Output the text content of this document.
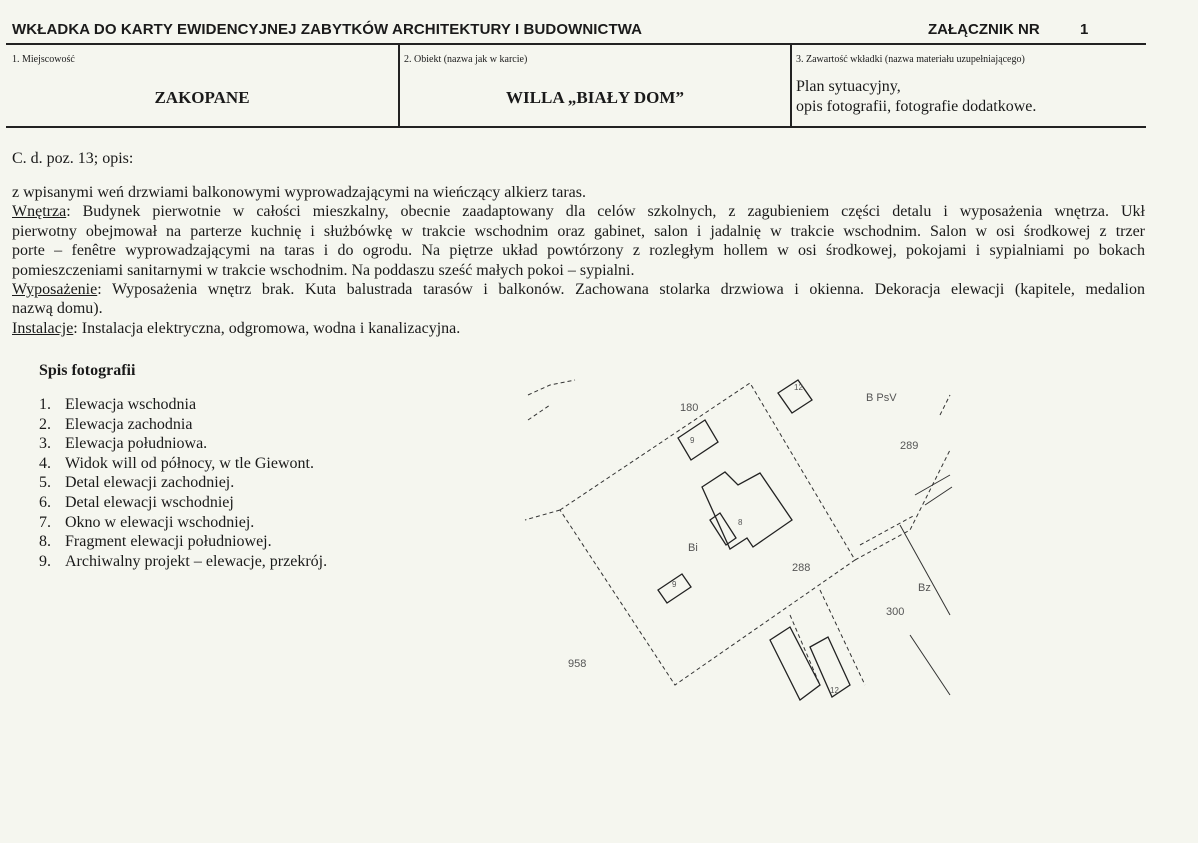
WKŁADKA DO KARTY EWIDENCYJNEJ ZABYTKÓW ARCHITEKTURY I BUDOWNICTWA	ZAŁĄCZNIK NR	1
1. Miejscowość
ZAKOPANE
2. Obiekt (nazwa jak w karcie)
WILLA „BIAŁY DOM”
3. Zawartość wkładki (nazwa materiału uzupełniającego)
Plan sytuacyjny,
opis fotografii, fotografie dodatkowe.
C. d. poz. 13; opis:
z wpisanymi weń drzwiami balkonowymi wyprowadzającymi na wieńczący alkierz taras.
Wnętrza: Budynek pierwotnie w całości mieszkalny, obecnie zaadaptowany dla celów szkolnych, z zagubieniem części detalu i wyposażenia wnętrza. Ukł
pierwotny obejmował na parterze kuchnię i służbówkę w trakcie wschodnim oraz gabinet, salon i jadalnię w trakcie wschodnim. Salon w osi środkowej z trzer
porte – fenêtre wyprowadzającymi na taras i do ogrodu. Na piętrze układ powtórzony z rozległym hollem w osi środkowej, pokojami i sypialniami po bokach
pomieszczeniami sanitarnymi w trakcie wschodnim. Na poddaszu sześć małych pokoi – sypialni.
Wyposażenie: Wyposażenia wnętrz brak. Kuta balustrada tarasów i balkonów. Zachowana stolarka drzwiowa i okienna. Dekoracja elewacji (kapitele, medalion
nazwą domu).
Instalacje: Instalacja elektryczna, odgromowa, wodna i kanalizacyjna.
Spis fotografii
1. Elewacja wschodnia
2. Elewacja zachodnia
3. Elewacja południowa.
4. Widok will od północy, w tle Giewont.
5. Detal elewacji zachodniej.
6. Detal elewacji wschodniej
7. Okno w elewacji wschodniej.
8. Fragment elewacji południowej.
9. Archiwalny projekt – elewacje, przekrój.
180
289
288
300
958
B PsV
Bi
Bz
12
9
9
8
12
